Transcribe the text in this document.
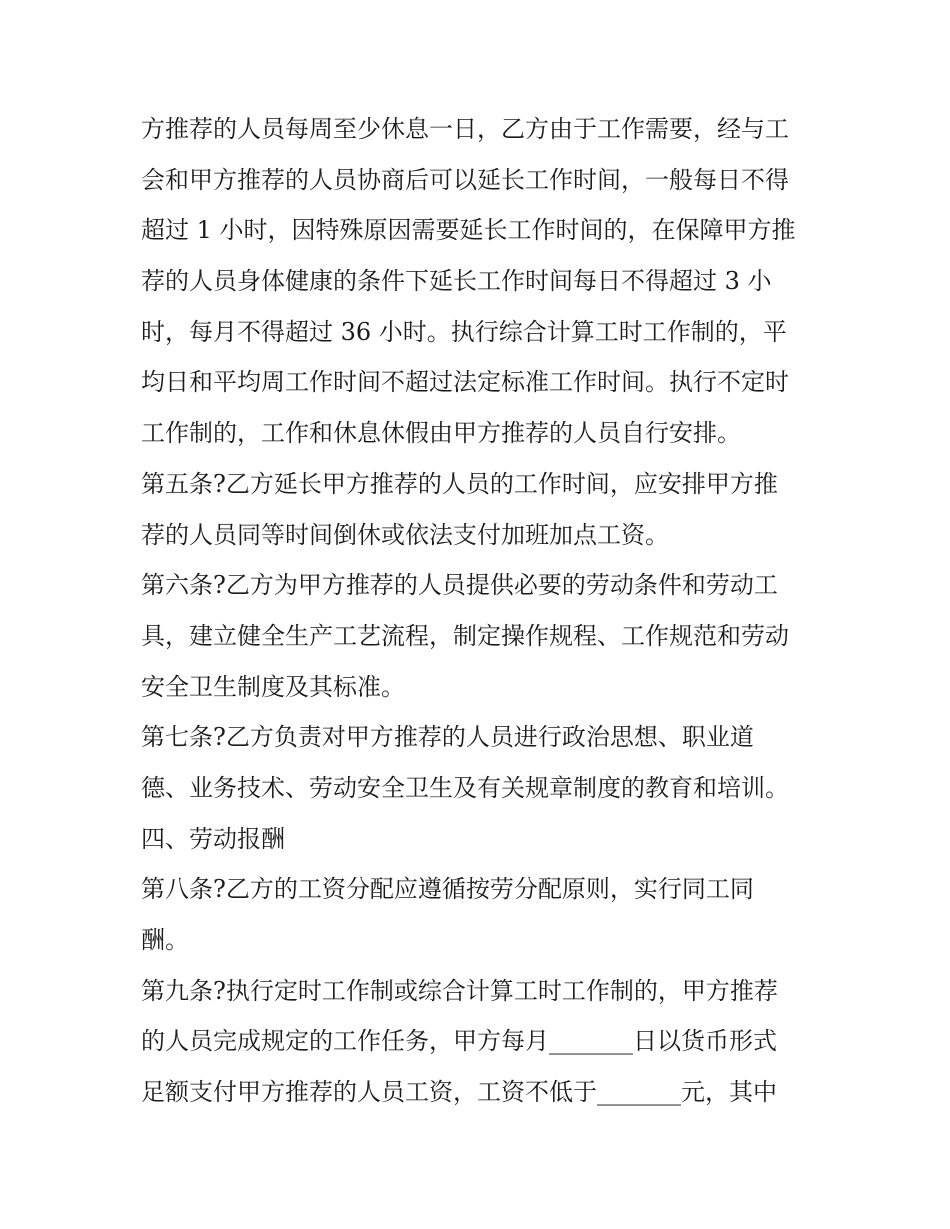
方推荐的人员每周至少休息一日，乙方由于工作需要，经与工
会和甲方推荐的人员协商后可以延长工作时间，一般每日不得
超过 1 小时，因特殊原因需要延长工作时间的，在保障甲方推
荐的人员身体健康的条件下延长工作时间每日不得超过 3 小
时，每月不得超过 36 小时。执行综合计算工时工作制的，平
均日和平均周工作时间不超过法定标准工作时间。执行不定时
工作制的，工作和休息休假由甲方推荐的人员自行安排。
第五条?乙方延长甲方推荐的人员的工作时间，应安排甲方推
荐的人员同等时间倒休或依法支付加班加点工资。
第六条?乙方为甲方推荐的人员提供必要的劳动条件和劳动工
具，建立健全生产工艺流程，制定操作规程、工作规范和劳动
安全卫生制度及其标准。
第七条?乙方负责对甲方推荐的人员进行政治思想、职业道
德、业务技术、劳动安全卫生及有关规章制度的教育和培训。
四、劳动报酬
第八条?乙方的工资分配应遵循按劳分配原则，实行同工同
酬。
第九条?执行定时工作制或综合计算工时工作制的，甲方推荐
的人员完成规定的工作任务，甲方每月_______日以货币形式
足额支付甲方推荐的人员工资，工资不低于_______元，其中
